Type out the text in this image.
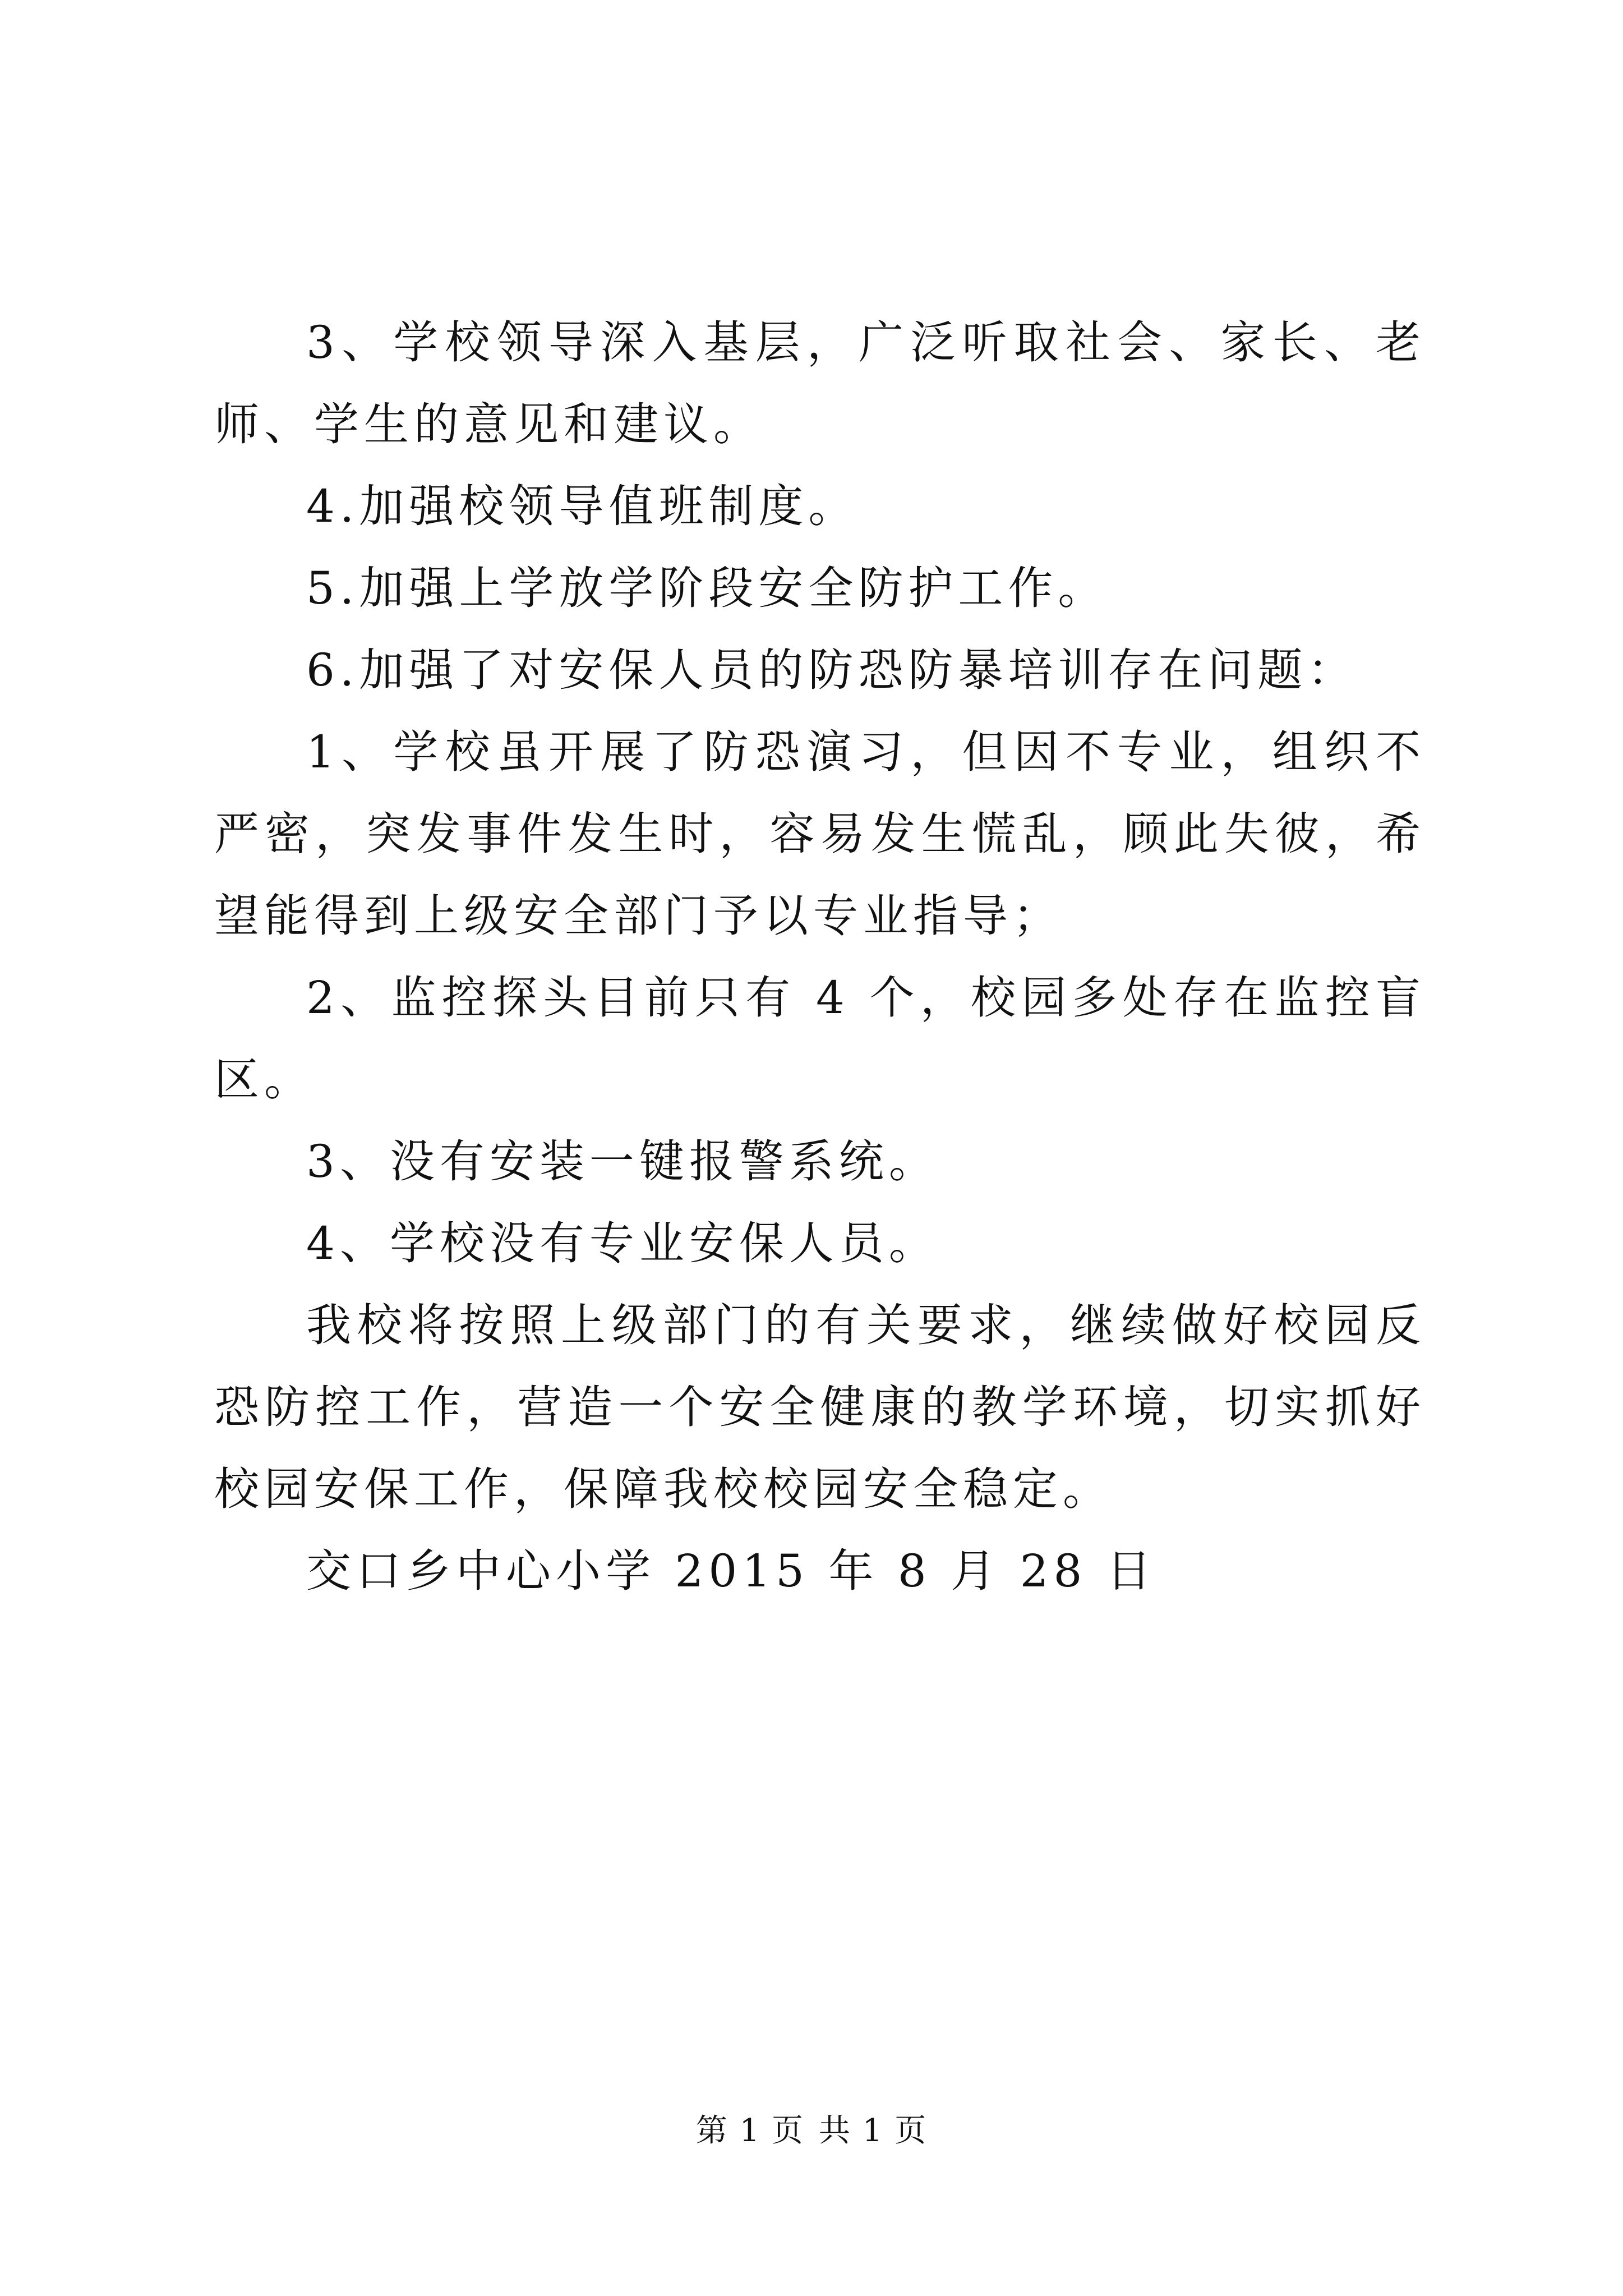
3、学校领导深入基层，广泛听取社会、家长、老师、学生的意见和建议。

4.加强校领导值班制度。

5.加强上学放学阶段安全防护工作。

6.加强了对安保人员的防恐防暴培训存在问题：

1、学校虽开展了防恐演习，但因不专业，组织不严密，突发事件发生时，容易发生慌乱，顾此失彼，希望能得到上级安全部门予以专业指导；

2、监控探头目前只有 4 个，校园多处存在监控盲区。

3、没有安装一键报警系统。

4、学校没有专业安保人员。

我校将按照上级部门的有关要求，继续做好校园反恐防控工作，营造一个安全健康的教学环境，切实抓好校园安保工作，保障我校校园安全稳定。

交口乡中心小学 2015 年 8 月 28 日

第 1 页 共 1 页
